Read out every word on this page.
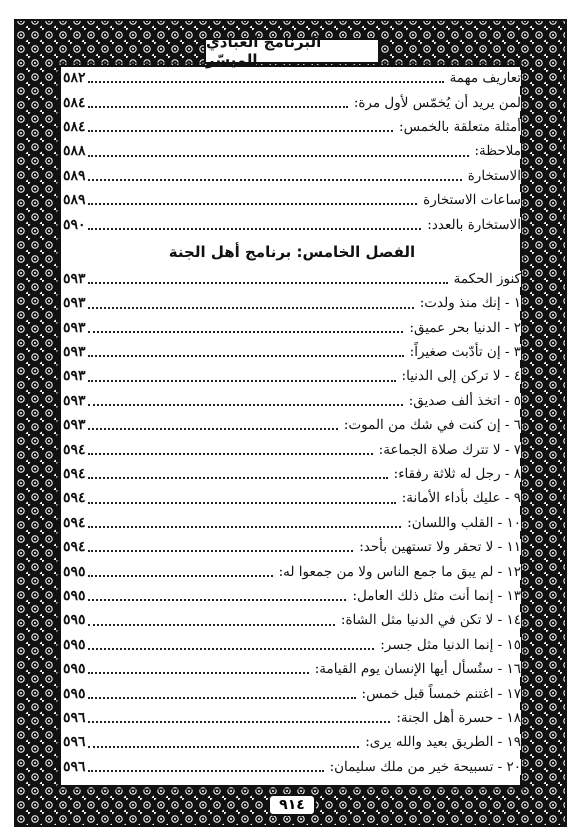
البرنامج العبادي الميسّر
تعاريف مهمة
٥٨٢
لمن يريد أن يُخمّس لأول مرة:
٥٨٤
أمثلة متعلقة بالخمس:
٥٨٤
ملاحظة:
٥٨٨
الاستخارة
٥٨٩
ساعات الاستخارة
٥٨٩
الاستخارة بالعدد:
٥٩٠
الفصل الخامس: برنامج أهل الجنة
كنوز الحكمة
٥٩٣
١ - إنك منذ ولدت:
٥٩٣
٢ - الدنيا بحر عميق:
٥٩٣
٣ - إن تأدّبت صغيراً:
٥٩٣
٤ - لا تركن إلى الدنيا:
٥٩٣
٥ - اتخذ ألف صديق:
٥٩٣
٦ - إن كنت في شك من الموت:
٥٩٣
٧ - لا تترك صلاة الجماعة:
٥٩٤
٨ - رجل له ثلاثة رفقاء:
٥٩٤
٩ - عليك بأداء الأمانة:
٥٩٤
١٠ - القلب واللسان:
٥٩٤
١١ - لا تحقر ولا تستهين بأحد:
٥٩٤
١٢ - لم يبق ما جمع الناس ولا من جمعوا له:
٥٩٥
١٣ - إنما أنت مثل ذلك العامل:
٥٩٥
١٤ - لا تكن في الدنيا مثل الشاة:
٥٩٥
١٥ - إنما الدنيا مثل جسر:
٥٩٥
١٦ - ستُسأل أيها الإنسان يوم القيامة:
٥٩٥
١٧ - اغتنم خمساً قبل خمس:
٥٩٥
١٨ - حسرة أهل الجنة:
٥٩٦
١٩ - الطريق بعيد والله يرى:
٥٩٦
٢٠ - تسبيحة خير من ملك سليمان:
٥٩٦
٩١٤
